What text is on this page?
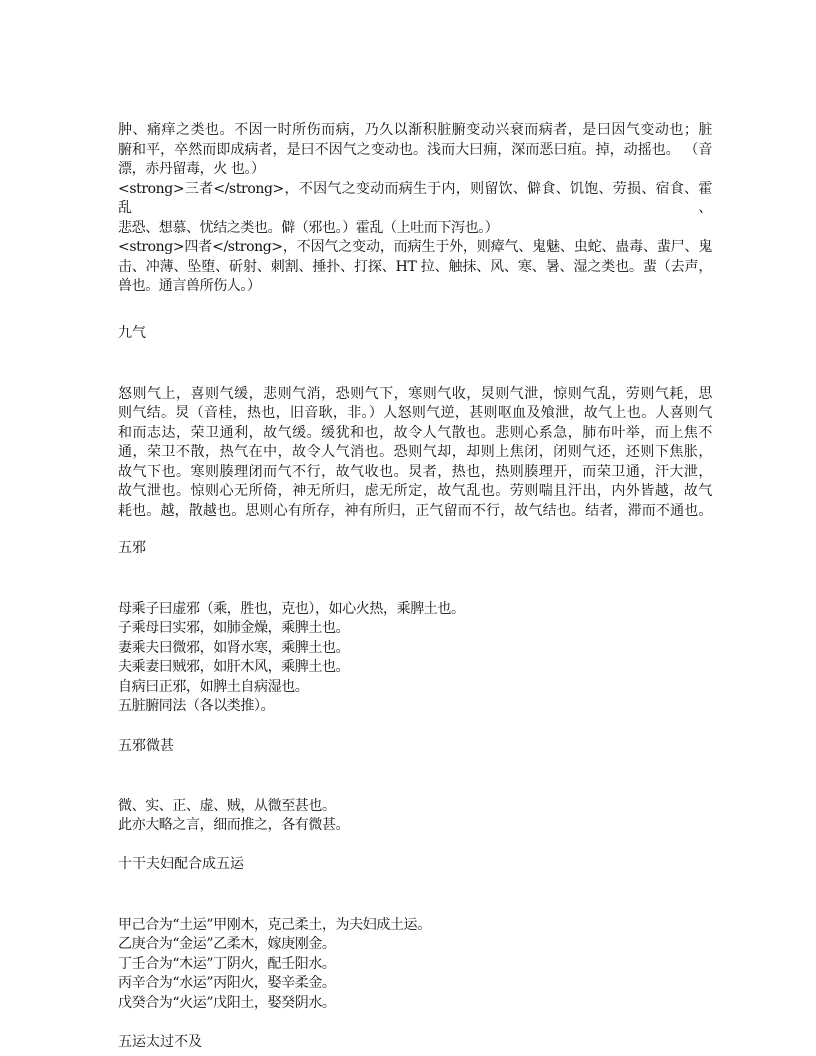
肿、痛痒之类也。不因一时所伤而病，乃久以渐积脏腑变动兴衰而病者，是曰因气变动也；脏
腑和平，卒然而即成病者，是曰不因气之变动也。浅而大曰痈，深而恶曰疽。掉，动摇也。 （音
漂，赤丹留毒，火 也。）
<strong>三者</strong>，不因气之变动而病生于内，则留饮、僻食、饥饱、劳损、宿食、霍乱、
悲恐、想慕、忧结之类也。僻（邪也。）霍乱（上吐而下泻也。）
<strong>四者</strong>，不因气之变动，而病生于外，则瘴气、鬼魅、虫蛇、蛊毒、蜚尸、鬼
击、冲薄、坠堕、斫射、刺割、捶扑、打探、HT 拉、触抹、风、寒、暑、湿之类也。蜚（去声，
兽也。通言兽所伤人。）
九气
怒则气上，喜则气缓，悲则气消，恐则气下，寒则气收，炅则气泄，惊则气乱，劳则气耗，思
则气结。炅（音桂，热也，旧音耿，非。）人怒则气逆，甚则呕血及飧泄，故气上也。人喜则气
和而志达，荣卫通利，故气缓。缓犹和也，故令人气散也。悲则心系急，肺布叶举，而上焦不
通，荣卫不散，热气在中，故令人气消也。恐则气却，却则上焦闭，闭则气还，还则下焦胀，
故气下也。寒则腠理闭而气不行，故气收也。炅者，热也，热则腠理开，而荣卫通，汗大泄，
故气泄也。惊则心无所倚，神无所归，虑无所定，故气乱也。劳则喘且汗出，内外皆越，故气
耗也。越，散越也。思则心有所存，神有所归，正气留而不行，故气结也。结者，滞而不通也。
五邪
母乘子曰虚邪（乘，胜也，克也），如心火热，乘脾土也。
子乘母曰实邪，如肺金燥，乘脾土也。
妻乘夫曰微邪，如肾水寒，乘脾土也。
夫乘妻曰贼邪，如肝木风，乘脾土也。
自病曰正邪，如脾土自病湿也。
五脏腑同法（各以类推）。
五邪微甚
微、实、正、虚、贼，从微至甚也。
此亦大略之言，细而推之，各有微甚。
十干夫妇配合成五运
甲己合为“土运”甲刚木，克己柔土，为夫妇成土运。
乙庚合为“金运”乙柔木，嫁庚刚金。
丁壬合为“木运”丁阴火，配壬阳水。
丙辛合为“水运”丙阳火，娶辛柔金。
戊癸合为“火运”戊阳土，娶癸阴水。
五运太过不及
